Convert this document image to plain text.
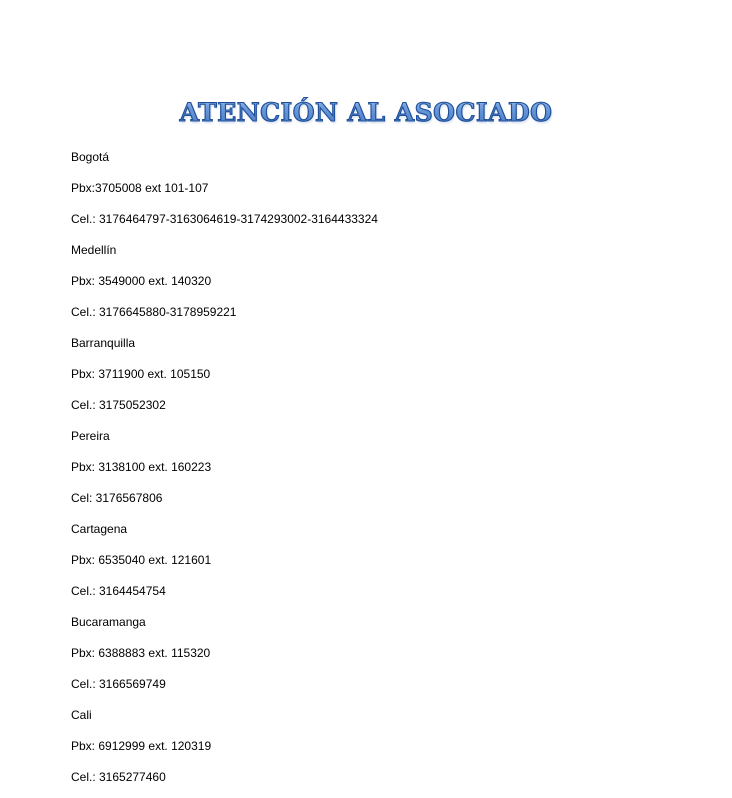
ATENCIÓN AL ASOCIADO
Bogotá
Pbx:3705008 ext 101-107
Cel.: 3176464797-3163064619-3174293002-3164433324
Medellín
Pbx: 3549000 ext. 140320
Cel.: 3176645880-3178959221
Barranquilla
Pbx: 3711900 ext. 105150
Cel.: 3175052302
Pereira
Pbx: 3138100 ext. 160223
Cel: 3176567806
Cartagena
Pbx: 6535040 ext. 121601
Cel.: 3164454754
Bucaramanga
Pbx: 6388883 ext. 115320
Cel.: 3166569749
Cali
Pbx: 6912999 ext. 120319
Cel.: 3165277460
